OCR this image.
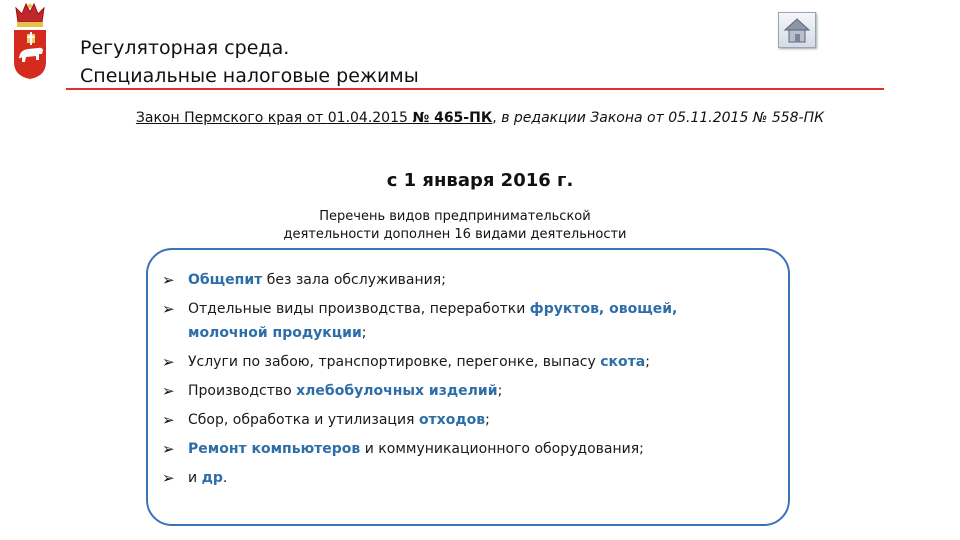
Регуляторная среда.
Специальные налоговые режимы
Закон Пермского края от 01.04.2015 № 465-ПК, в редакции Закона от 05.11.2015 № 558-ПК
с 1 января 2016 г.
Перечень видов предпринимательской
деятельности дополнен 16 видами деятельности
➢ Общепит без зала обслуживания;
➢ Отдельные виды производства, переработки фруктов, овощей,
молочной продукции;
➢ Услуги по забою, транспортировке, перегонке, выпасу скота;
➢ Производство хлебобулочных изделий;
➢ Сбор, обработка и утилизация отходов;
➢ Ремонт компьютеров и коммуникационного оборудования;
➢ и др.
